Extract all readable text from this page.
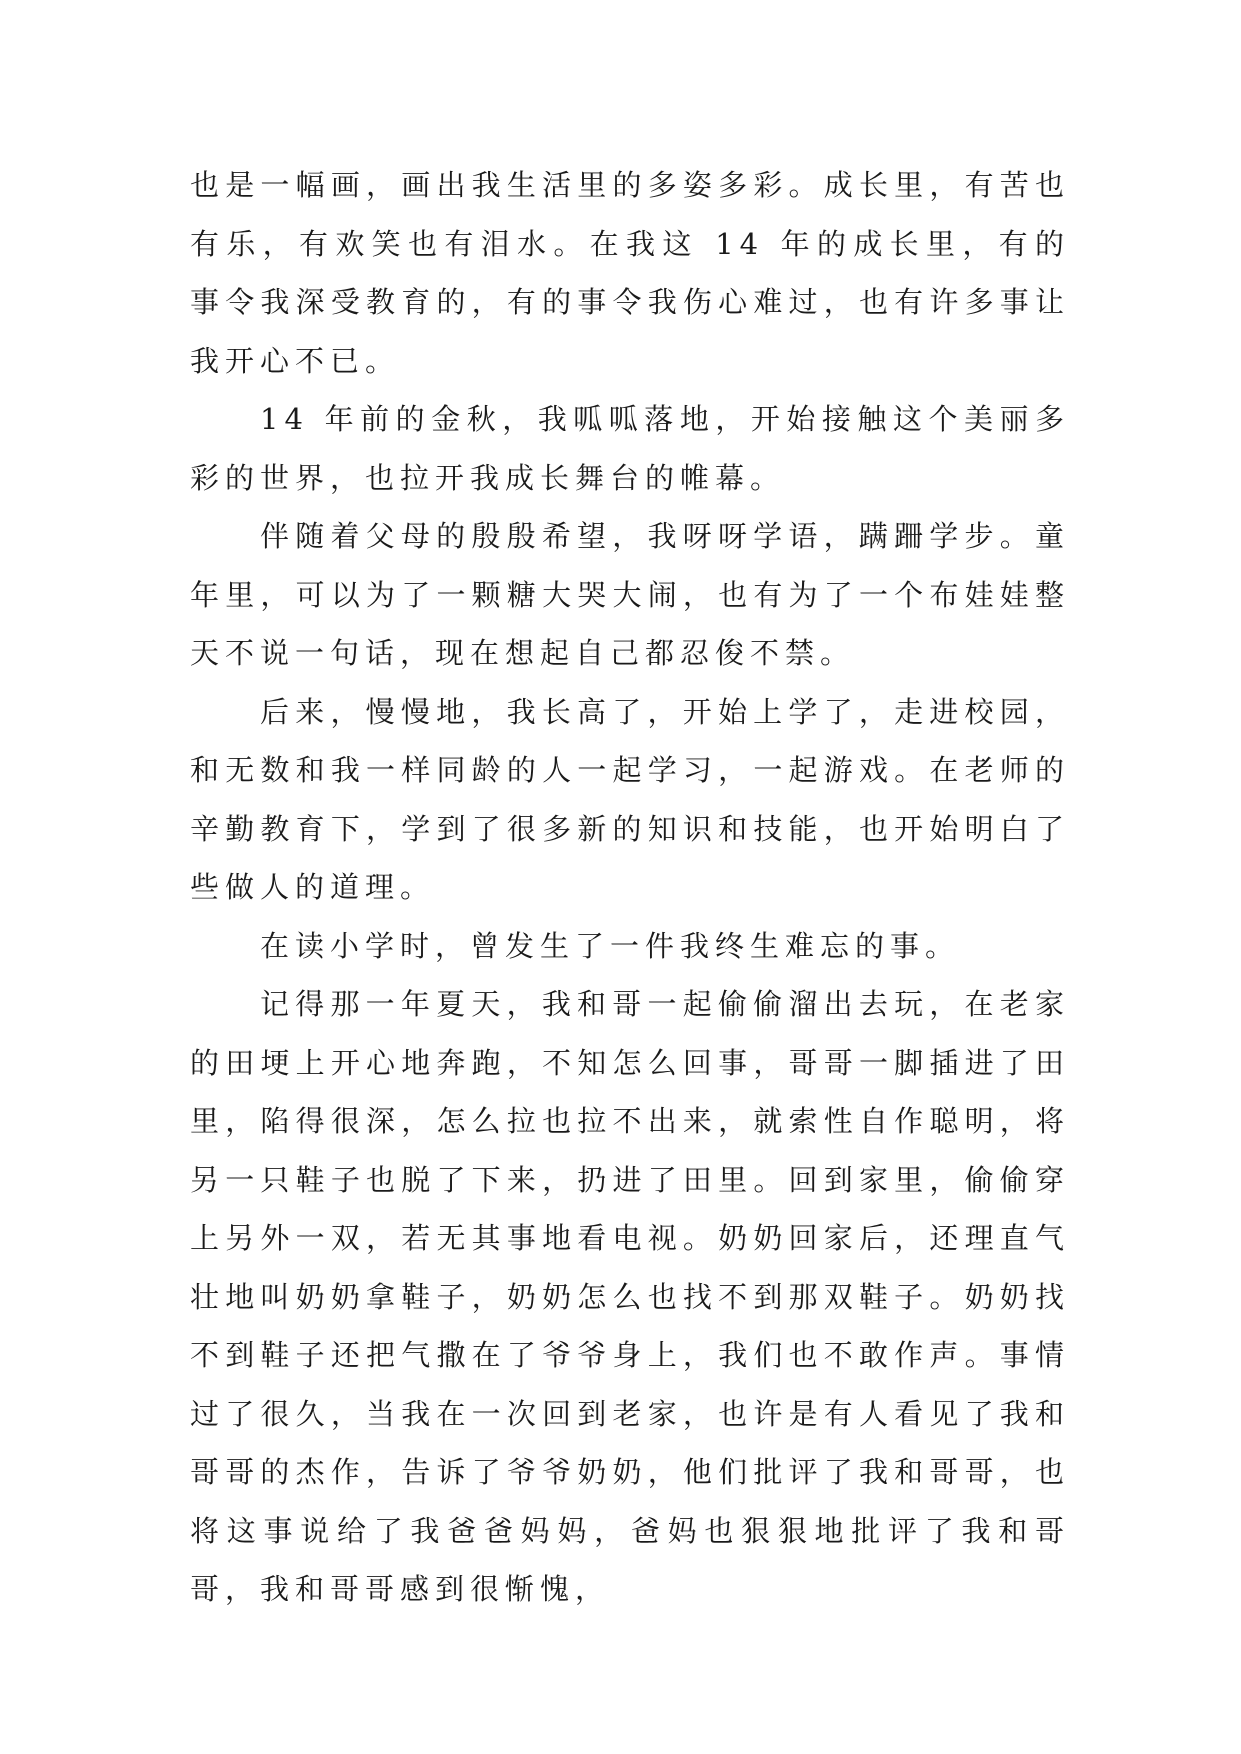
也是一幅画，画出我生活里的多姿多彩。成长里，有苦也有乐，有欢笑也有泪水。在我这 14 年的成长里，有的事令我深受教育的，有的事令我伤心难过，也有许多事让我开心不已。

14 年前的金秋，我呱呱落地，开始接触这个美丽多彩的世界，也拉开我成长舞台的帷幕。

伴随着父母的殷殷希望，我呀呀学语，蹒跚学步。童年里，可以为了一颗糖大哭大闹，也有为了一个布娃娃整天不说一句话，现在想起自己都忍俊不禁。

后来，慢慢地，我长高了，开始上学了，走进校园，和无数和我一样同龄的人一起学习，一起游戏。在老师的辛勤教育下，学到了很多新的知识和技能，也开始明白了些做人的道理。

在读小学时，曾发生了一件我终生难忘的事。

记得那一年夏天，我和哥一起偷偷溜出去玩，在老家的田埂上开心地奔跑，不知怎么回事，哥哥一脚插进了田里，陷得很深，怎么拉也拉不出来，就索性自作聪明，将另一只鞋子也脱了下来，扔进了田里。回到家里，偷偷穿上另外一双，若无其事地看电视。奶奶回家后，还理直气壮地叫奶奶拿鞋子，奶奶怎么也找不到那双鞋子。奶奶找不到鞋子还把气撒在了爷爷身上，我们也不敢作声。事情过了很久，当我在一次回到老家，也许是有人看见了我和哥哥的杰作，告诉了爷爷奶奶，他们批评了我和哥哥，也将这事说给了我爸爸妈妈，爸妈也狠狠地批评了我和哥哥，我和哥哥感到很惭愧，
